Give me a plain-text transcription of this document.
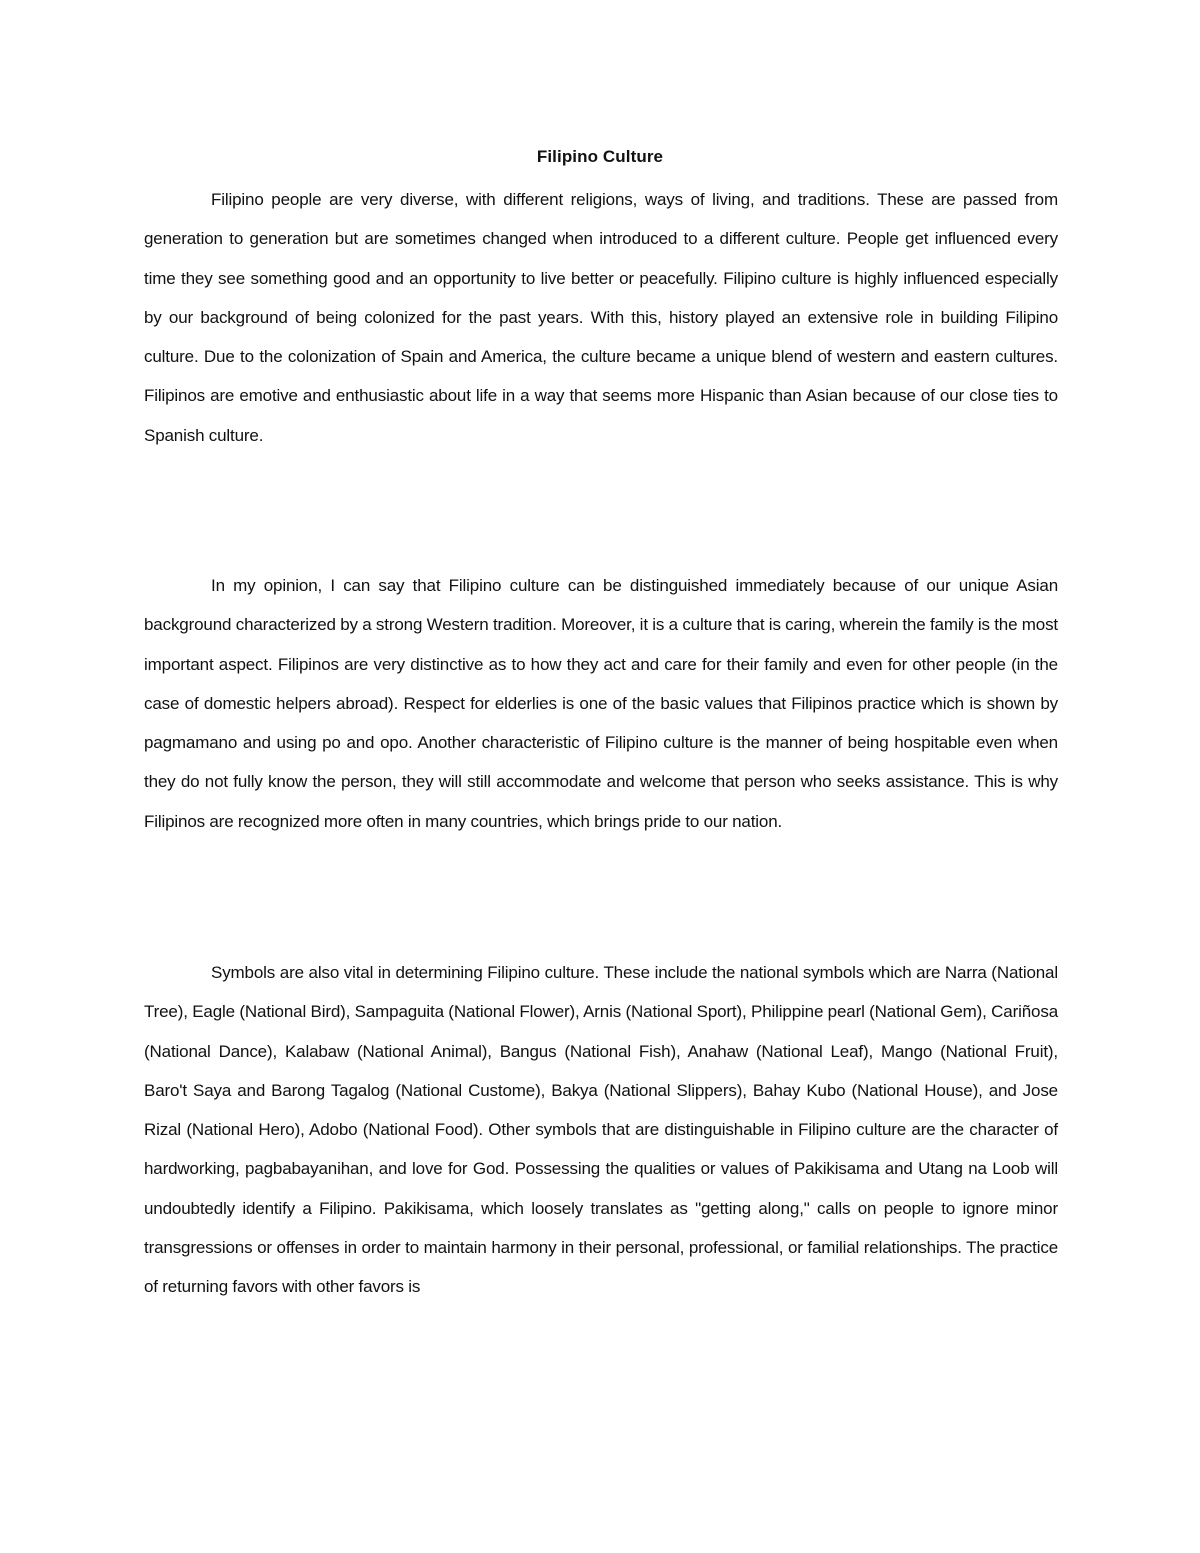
Filipino Culture

Filipino people are very diverse, with different religions, ways of living, and traditions. These are passed from generation to generation but are sometimes changed when introduced to a different culture. People get influenced every time they see something good and an opportunity to live better or peacefully. Filipino culture is highly influenced especially by our background of being colonized for the past years. With this, history played an extensive role in building Filipino culture. Due to the colonization of Spain and America, the culture became a unique blend of western and eastern cultures. Filipinos are emotive and enthusiastic about life in a way that seems more Hispanic than Asian because of our close ties to Spanish culture.

In my opinion, I can say that Filipino culture can be distinguished immediately because of our unique Asian background characterized by a strong Western tradition. Moreover, it is a culture that is caring, wherein the family is the most important aspect. Filipinos are very distinctive as to how they act and care for their family and even for other people (in the case of domestic helpers abroad). Respect for elderlies is one of the basic values that Filipinos practice which is shown by pagmamano and using po and opo. Another characteristic of Filipino culture is the manner of being hospitable even when they do not fully know the person, they will still accommodate and welcome that person who seeks assistance. This is why Filipinos are recognized more often in many countries, which brings pride to our nation.

Symbols are also vital in determining Filipino culture. These include the national symbols which are Narra (National Tree), Eagle (National Bird), Sampaguita (National Flower), Arnis (National Sport), Philippine pearl (National Gem), Cariñosa (National Dance), Kalabaw (National Animal), Bangus (National Fish), Anahaw (National Leaf), Mango (National Fruit), Baro't Saya and Barong Tagalog (National Custome), Bakya (National Slippers), Bahay Kubo (National House), and Jose Rizal (National Hero), Adobo (National Food). Other symbols that are distinguishable in Filipino culture are the character of hardworking, pagbabayanihan, and love for God. Possessing the qualities or values of Pakikisama and Utang na Loob will undoubtedly identify a Filipino. Pakikisama, which loosely translates as "getting along," calls on people to ignore minor transgressions or offenses in order to maintain harmony in their personal, professional, or familial relationships. The practice of returning favors with other favors is
